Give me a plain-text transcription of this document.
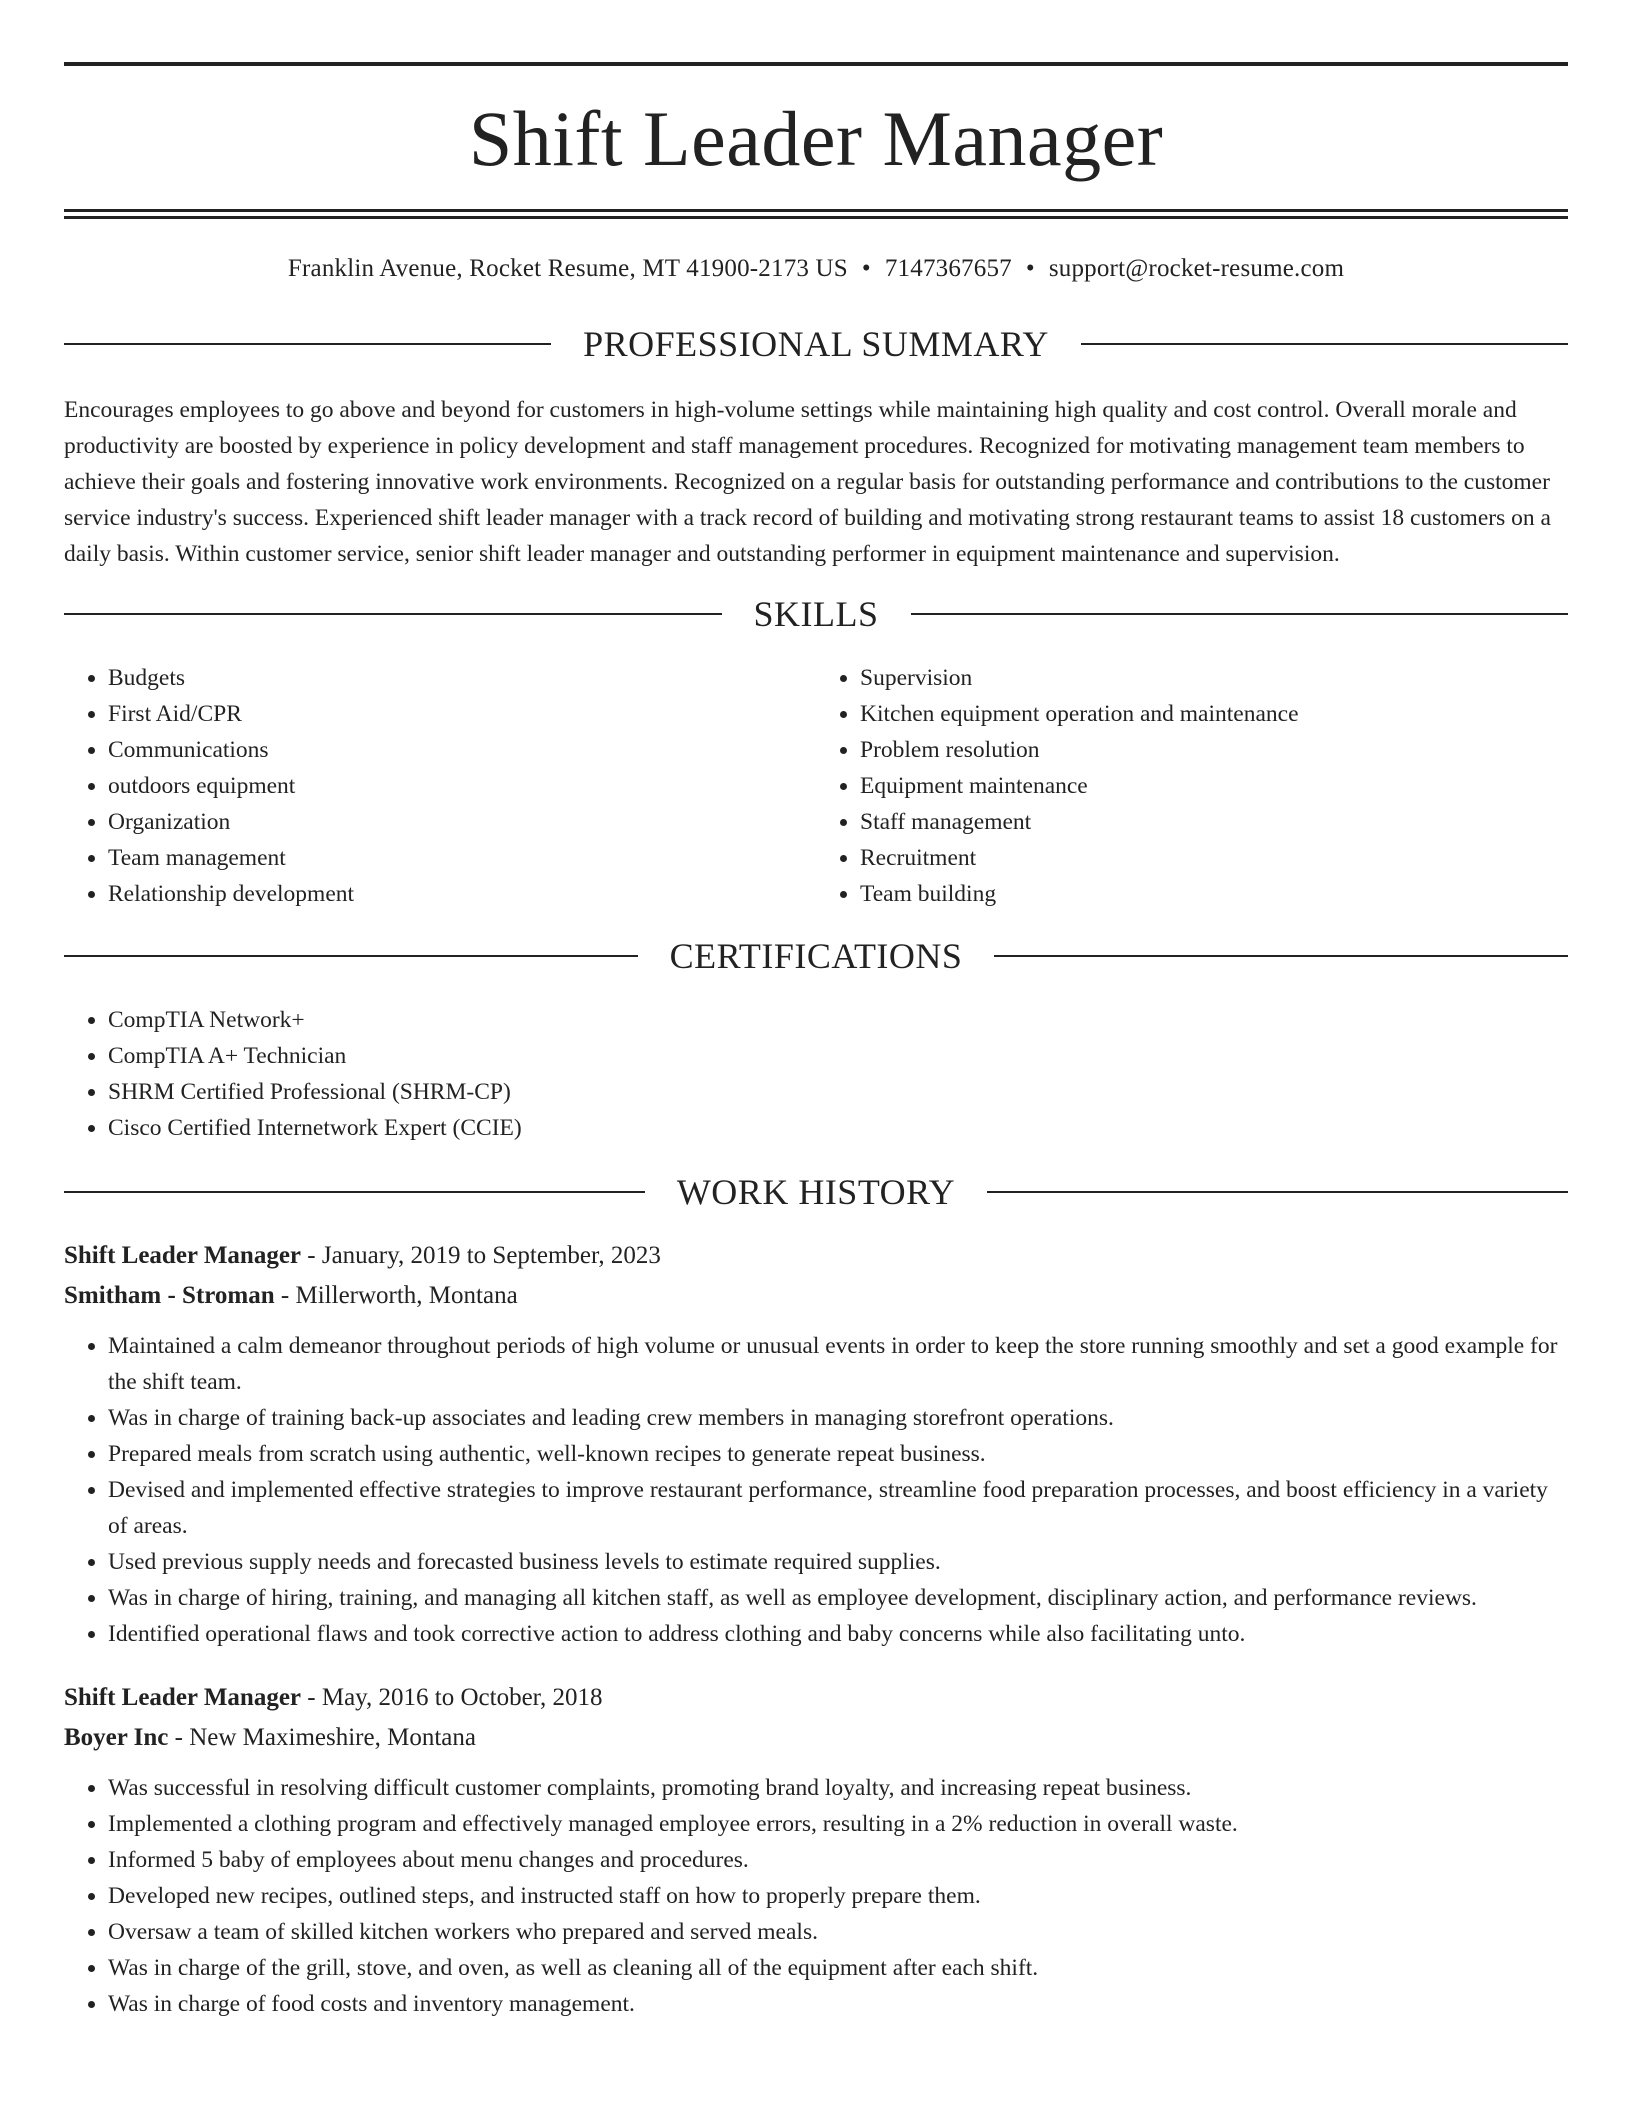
Shift Leader Manager
Franklin Avenue, Rocket Resume, MT 41900-2173 US • 7147367657 • support@rocket-resume.com
PROFESSIONAL SUMMARY

Encourages employees to go above and beyond for customers in high-volume settings while maintaining high quality and cost control. Overall morale and productivity are boosted by experience in policy development and staff management procedures. Recognized for motivating management team members to achieve their goals and fostering innovative work environments. Recognized on a regular basis for outstanding performance and contributions to the customer service industry's success. Experienced shift leader manager with a track record of building and motivating strong restaurant teams to assist 18 customers on a daily basis. Within customer service, senior shift leader manager and outstanding performer in equipment maintenance and supervision.

SKILLS
• Budgets
• First Aid/CPR
• Communications
• outdoors equipment
• Organization
• Team management
• Relationship development
• Supervision
• Kitchen equipment operation and maintenance
• Problem resolution
• Equipment maintenance
• Staff management
• Recruitment
• Team building
CERTIFICATIONS
• CompTIA Network+
• CompTIA A+ Technician
• SHRM Certified Professional (SHRM-CP)
• Cisco Certified Internetwork Expert (CCIE)
WORK HISTORY
Shift Leader Manager - January, 2019 to September, 2023
Smitham - Stroman - Millerworth, Montana
• Maintained a calm demeanor throughout periods of high volume or unusual events in order to keep the store running smoothly and set a good example for the shift team.
• Was in charge of training back-up associates and leading crew members in managing storefront operations.
• Prepared meals from scratch using authentic, well-known recipes to generate repeat business.
• Devised and implemented effective strategies to improve restaurant performance, streamline food preparation processes, and boost efficiency in a variety of areas.
• Used previous supply needs and forecasted business levels to estimate required supplies.
• Was in charge of hiring, training, and managing all kitchen staff, as well as employee development, disciplinary action, and performance reviews.
• Identified operational flaws and took corrective action to address clothing and baby concerns while also facilitating unto.
Shift Leader Manager - May, 2016 to October, 2018
Boyer Inc - New Maximeshire, Montana
• Was successful in resolving difficult customer complaints, promoting brand loyalty, and increasing repeat business.
• Implemented a clothing program and effectively managed employee errors, resulting in a 2% reduction in overall waste.
• Informed 5 baby of employees about menu changes and procedures.
• Developed new recipes, outlined steps, and instructed staff on how to properly prepare them.
• Oversaw a team of skilled kitchen workers who prepared and served meals.
• Was in charge of the grill, stove, and oven, as well as cleaning all of the equipment after each shift.
• Was in charge of food costs and inventory management.
